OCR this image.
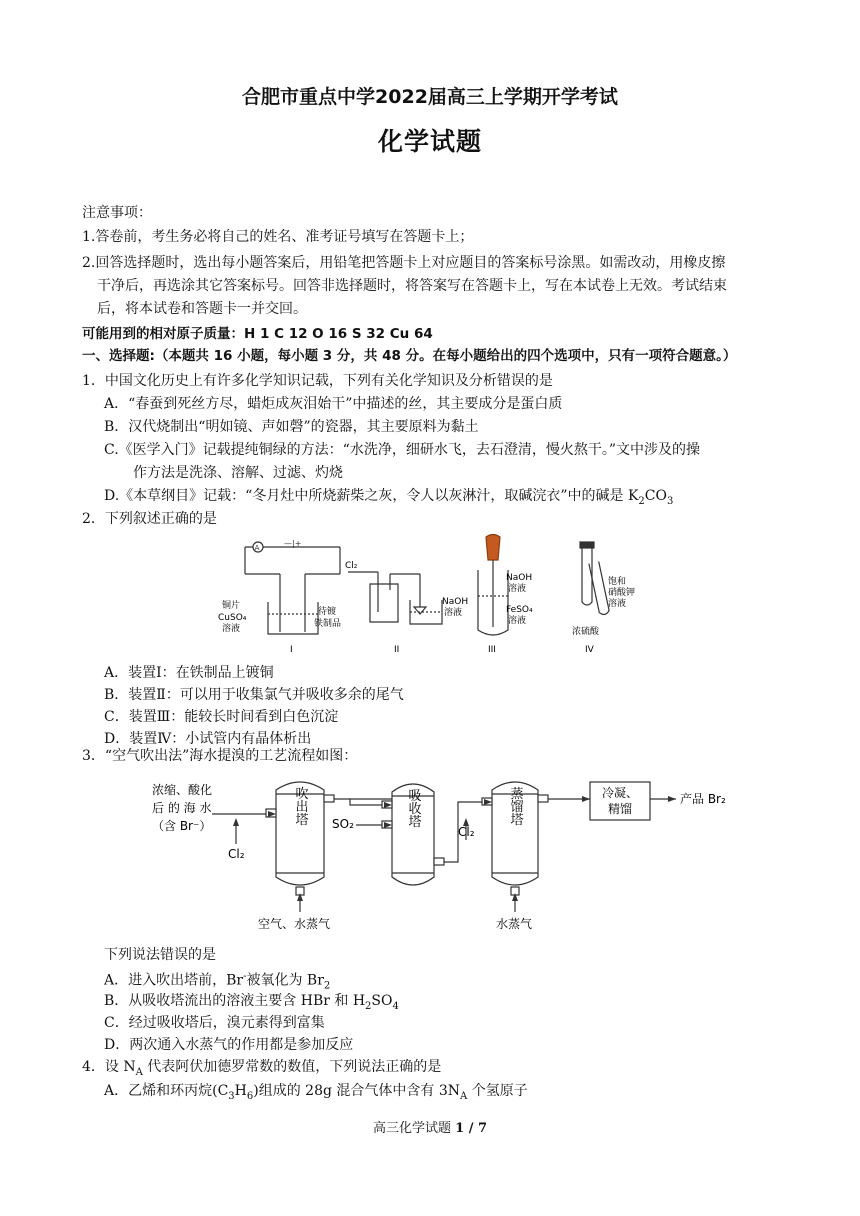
合肥市重点中学2022届高三上学期开学考试
化学试题
注意事项：
1.答卷前，考生务必将自己的姓名、准考证号填写在答题卡上；
2.回答选择题时，选出每小题答案后，用铅笔把答题卡上对应题目的答案标号涂黑。如需改动，用橡皮擦
干净后，再选涂其它答案标号。回答非选择题时，将答案写在答题卡上，写在本试卷上无效。考试结束
后，将本试卷和答题卡一并交回。
可能用到的相对原子质量：H 1 C 12 O 16 S 32 Cu 64
一、选择题:（本题共 16 小题，每小题 3 分，共 48 分。在每小题给出的四个选项中，只有一项符合题意。）
1．中国文化历史上有许多化学知识记载，下列有关化学知识及分析错误的是
A．“春蚕到死丝方尽，蜡炬成灰泪始干”中描述的丝，其主要成分是蛋白质
B．汉代烧制出“明如镜、声如磬”的瓷器，其主要原料为黏土
C.《医学入门》记载提纯铜绿的方法：“水洗净，细研水飞，去石澄清，慢火熬干。”文中涉及的操
作方法是洗涤、溶解、过滤、灼烧
D.《本草纲目》记载：“冬月灶中所烧薪柴之灰，令人以灰淋汁，取碱浣衣”中的碱是 $K_2CO_3$
2．下列叙述正确的是
A	—|+
铜片
CuSO₄
溶液
待镀
铁制品
I
Cl₂
NaOH
溶液
II
NaOH
溶液
FeSO₄
溶液
III
饱和
硝酸钾
溶液
浓硫酸
IV
A．装置Ⅰ：在铁制品上镀铜
B．装置Ⅱ：可以用于收集氯气并吸收多余的尾气
C．装置Ⅲ：能较长时间看到白色沉淀
D．装置Ⅳ：小试管内有晶体析出
3．“空气吹出法”海水提溴的工艺流程如图：
浓缩、酸化
后 的 海 水
（含 Br⁻）
Cl₂
吹出塔
空气、水蒸气
SO₂	吸收塔
Cl₂
蒸馏塔
水蒸气
冷凝、
精馏
产品 Br₂
下列说法错误的是
A．进入吹出塔前，Br-被氧化为 $Br_2$
B．从吸收塔流出的溶液主要含 HBr 和 $H_2SO_4$
C．经过吸收塔后，溴元素得到富集
D．两次通入水蒸气的作用都是参加反应
4．设 $N_A$ 代表阿伏加德罗常数的数值，下列说法正确的是
A．乙烯和环丙烷$(C_3H_6)$组成的 28g 混合气体中含有 $3N_A$ 个氢原子
高三化学试题 1 / 7
